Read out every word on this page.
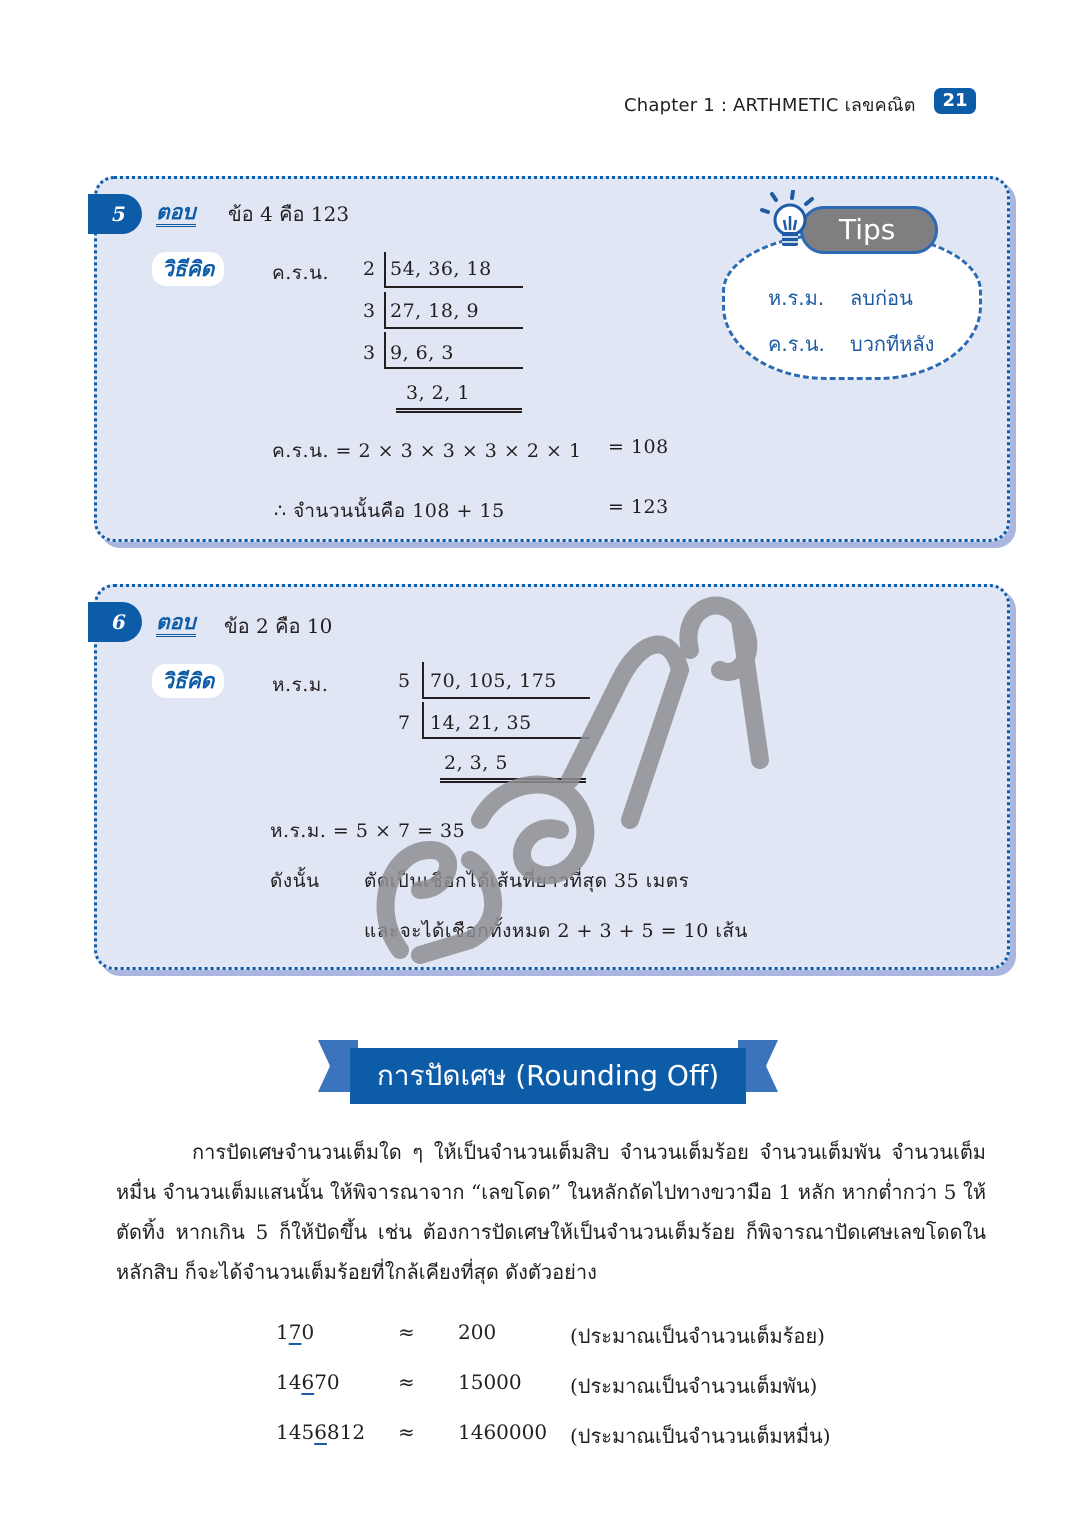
Chapter 1 : ARTHMETIC เลขคณิต	21
5	ตอบ ข้อ 4 คือ 123
วิธีคิด	ค.ร.น. 2 54, 36, 18
3 27, 18, 9
3 9, 6, 3
3, 2, 1
ค.ร.น. = 2 × 3 × 3 × 3 × 2 × 1 = 108
∴ จำนวนนั้นคือ 108 + 15	= 123
Tips
ห.ร.ม. ลบก่อน
ค.ร.น. บวกทีหลัง
6	ตอบ ข้อ 2 คือ 10
วิธีคิด	ห.ร.ม.	5 70, 105, 175
7 14, 21, 35
2, 3, 5
ห.ร.ม. = 5 × 7 = 35
ดังนั้น ตัดเป็นเชือกได้เส้นที่ยาวที่สุด 35 เมตร
และจะได้เชือกทั้งหมด 2 + 3 + 5 = 10 เส้น
การปัดเศษ (Rounding Off)

การปัดเศษจำนวนเต็มใด ๆ ให้เป็นจำนวนเต็มสิบ จำนวนเต็มร้อย จำนวนเต็มพัน จำนวนเต็มหมื่น จำนวนเต็มแสนนั้น ให้พิจารณาจาก “เลขโดด” ในหลักถัดไปทางขวามือ 1 หลัก หากต่ำกว่า 5 ให้ตัดทิ้ง หากเกิน 5 ก็ให้ปัดขึ้น เช่น ต้องการปัดเศษให้เป็นจำนวนเต็มร้อย ก็พิจารณาปัดเศษเลขโดดในหลักสิบ ก็จะได้จำนวนเต็มร้อยที่ใกล้เคียงที่สุด ดังตัวอย่าง

170	≈ 200	(ประมาณเป็นจำนวนเต็มร้อย)
14670	≈ 15000 (ประมาณเป็นจำนวนเต็มพัน)
1456812 ≈ 1460000 (ประมาณเป็นจำนวนเต็มหมื่น)
